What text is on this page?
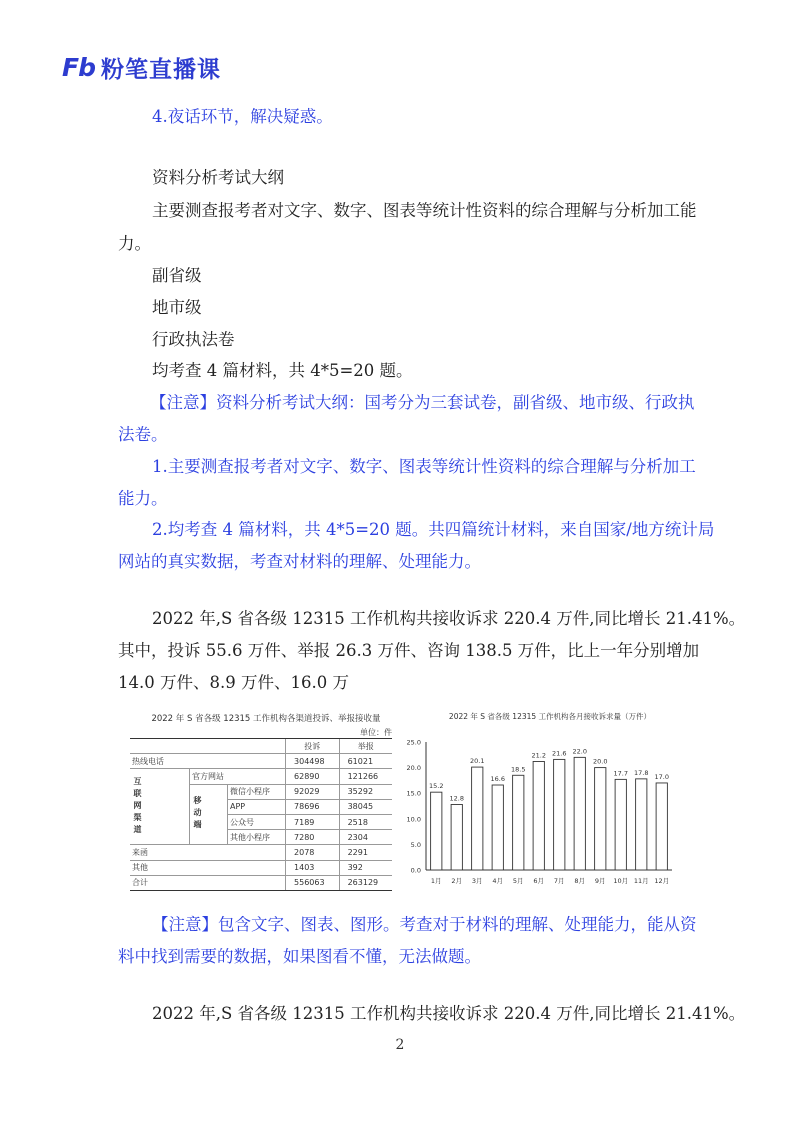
Fb 粉笔直播课
4.夜话环节，解决疑惑。
资料分析考试大纲
主要测查报考者对文字、数字、图表等统计性资料的综合理解与分析加工能
力。
副省级
地市级
行政执法卷
均考查 4 篇材料，共 4*5=20 题。
【注意】资料分析考试大纲：国考分为三套试卷，副省级、地市级、行政执
法卷。
1.主要测查报考者对文字、数字、图表等统计性资料的综合理解与分析加工
能力。
2.均考查 4 篇材料，共 4*5=20 题。共四篇统计材料，来自国家/地方统计局
网站的真实数据，考查对材料的理解、处理能力。
2022 年,S 省各级 12315 工作机构共接收诉求 220.4 万件,同比增长 21.41%。
其中，投诉 55.6 万件、举报 26.3 万件、咨询 138.5 万件，比上一年分别增加
14.0 万件、8.9 万件、16.0 万
2022 年 S 省各级 12315 工作机构各渠道投诉、举报接收量
单位：件
			投诉	举报
热线电话			304498	61021

互联网渠道	官方网站		62890	121266

	移动端	微信小程序	92029	35292
		APP	78696	38045
		公众号	7189	2518
		其他小程序	7280	2304
来函			2078	2291
其他			1403	392
合计			556063	263129
2022 年 S 省各级 12315 工作机构各月接收诉求量（万件）
0.0
5.0
10.0
15.0
20.0
25.0
15.2
1月
12.8
2月
20.1
3月
16.6
4月
18.5
5月
21.2
6月
21.6
7月
22.0
8月
20.0
9月
17.7
10月
17.8
11月
17.0
12月
【注意】包含文字、图表、图形。考查对于材料的理解、处理能力，能从资
料中找到需要的数据，如果图看不懂，无法做题。
2022 年,S 省各级 12315 工作机构共接收诉求 220.4 万件,同比增长 21.41%。
2
